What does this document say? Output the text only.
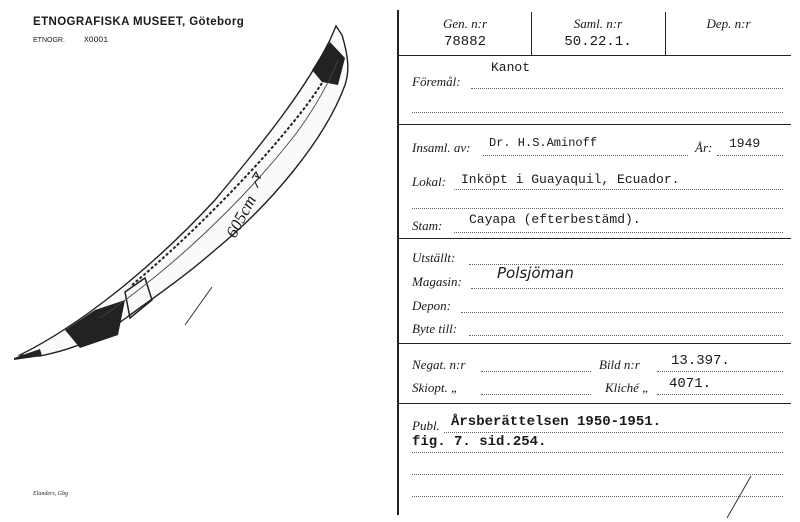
ETNOGRAFISKA MUSEET, Göteborg
ETNOGR. XOOO1
605cm
Elanders, Gbg
Gen. n:r
78882
Saml. n:r
50.22.1.
Dep. n:r
Föremål:
Kanot
Insaml. av: Dr. H.S.Aminoff	År: 1949
Lokal: Inköpt i Guayaquil, Ecuador.
Stam: Cayapa (efterbestämd).
Utställt:
Magasin: Polsjöman
Depon:
Byte till:
Negat. n:r	Bild n:r 13.397.
Skiopt. „	Kliché „ 4071.
Publ. Årsberättelsen 1950-1951.
fig. 7. sid.254.
